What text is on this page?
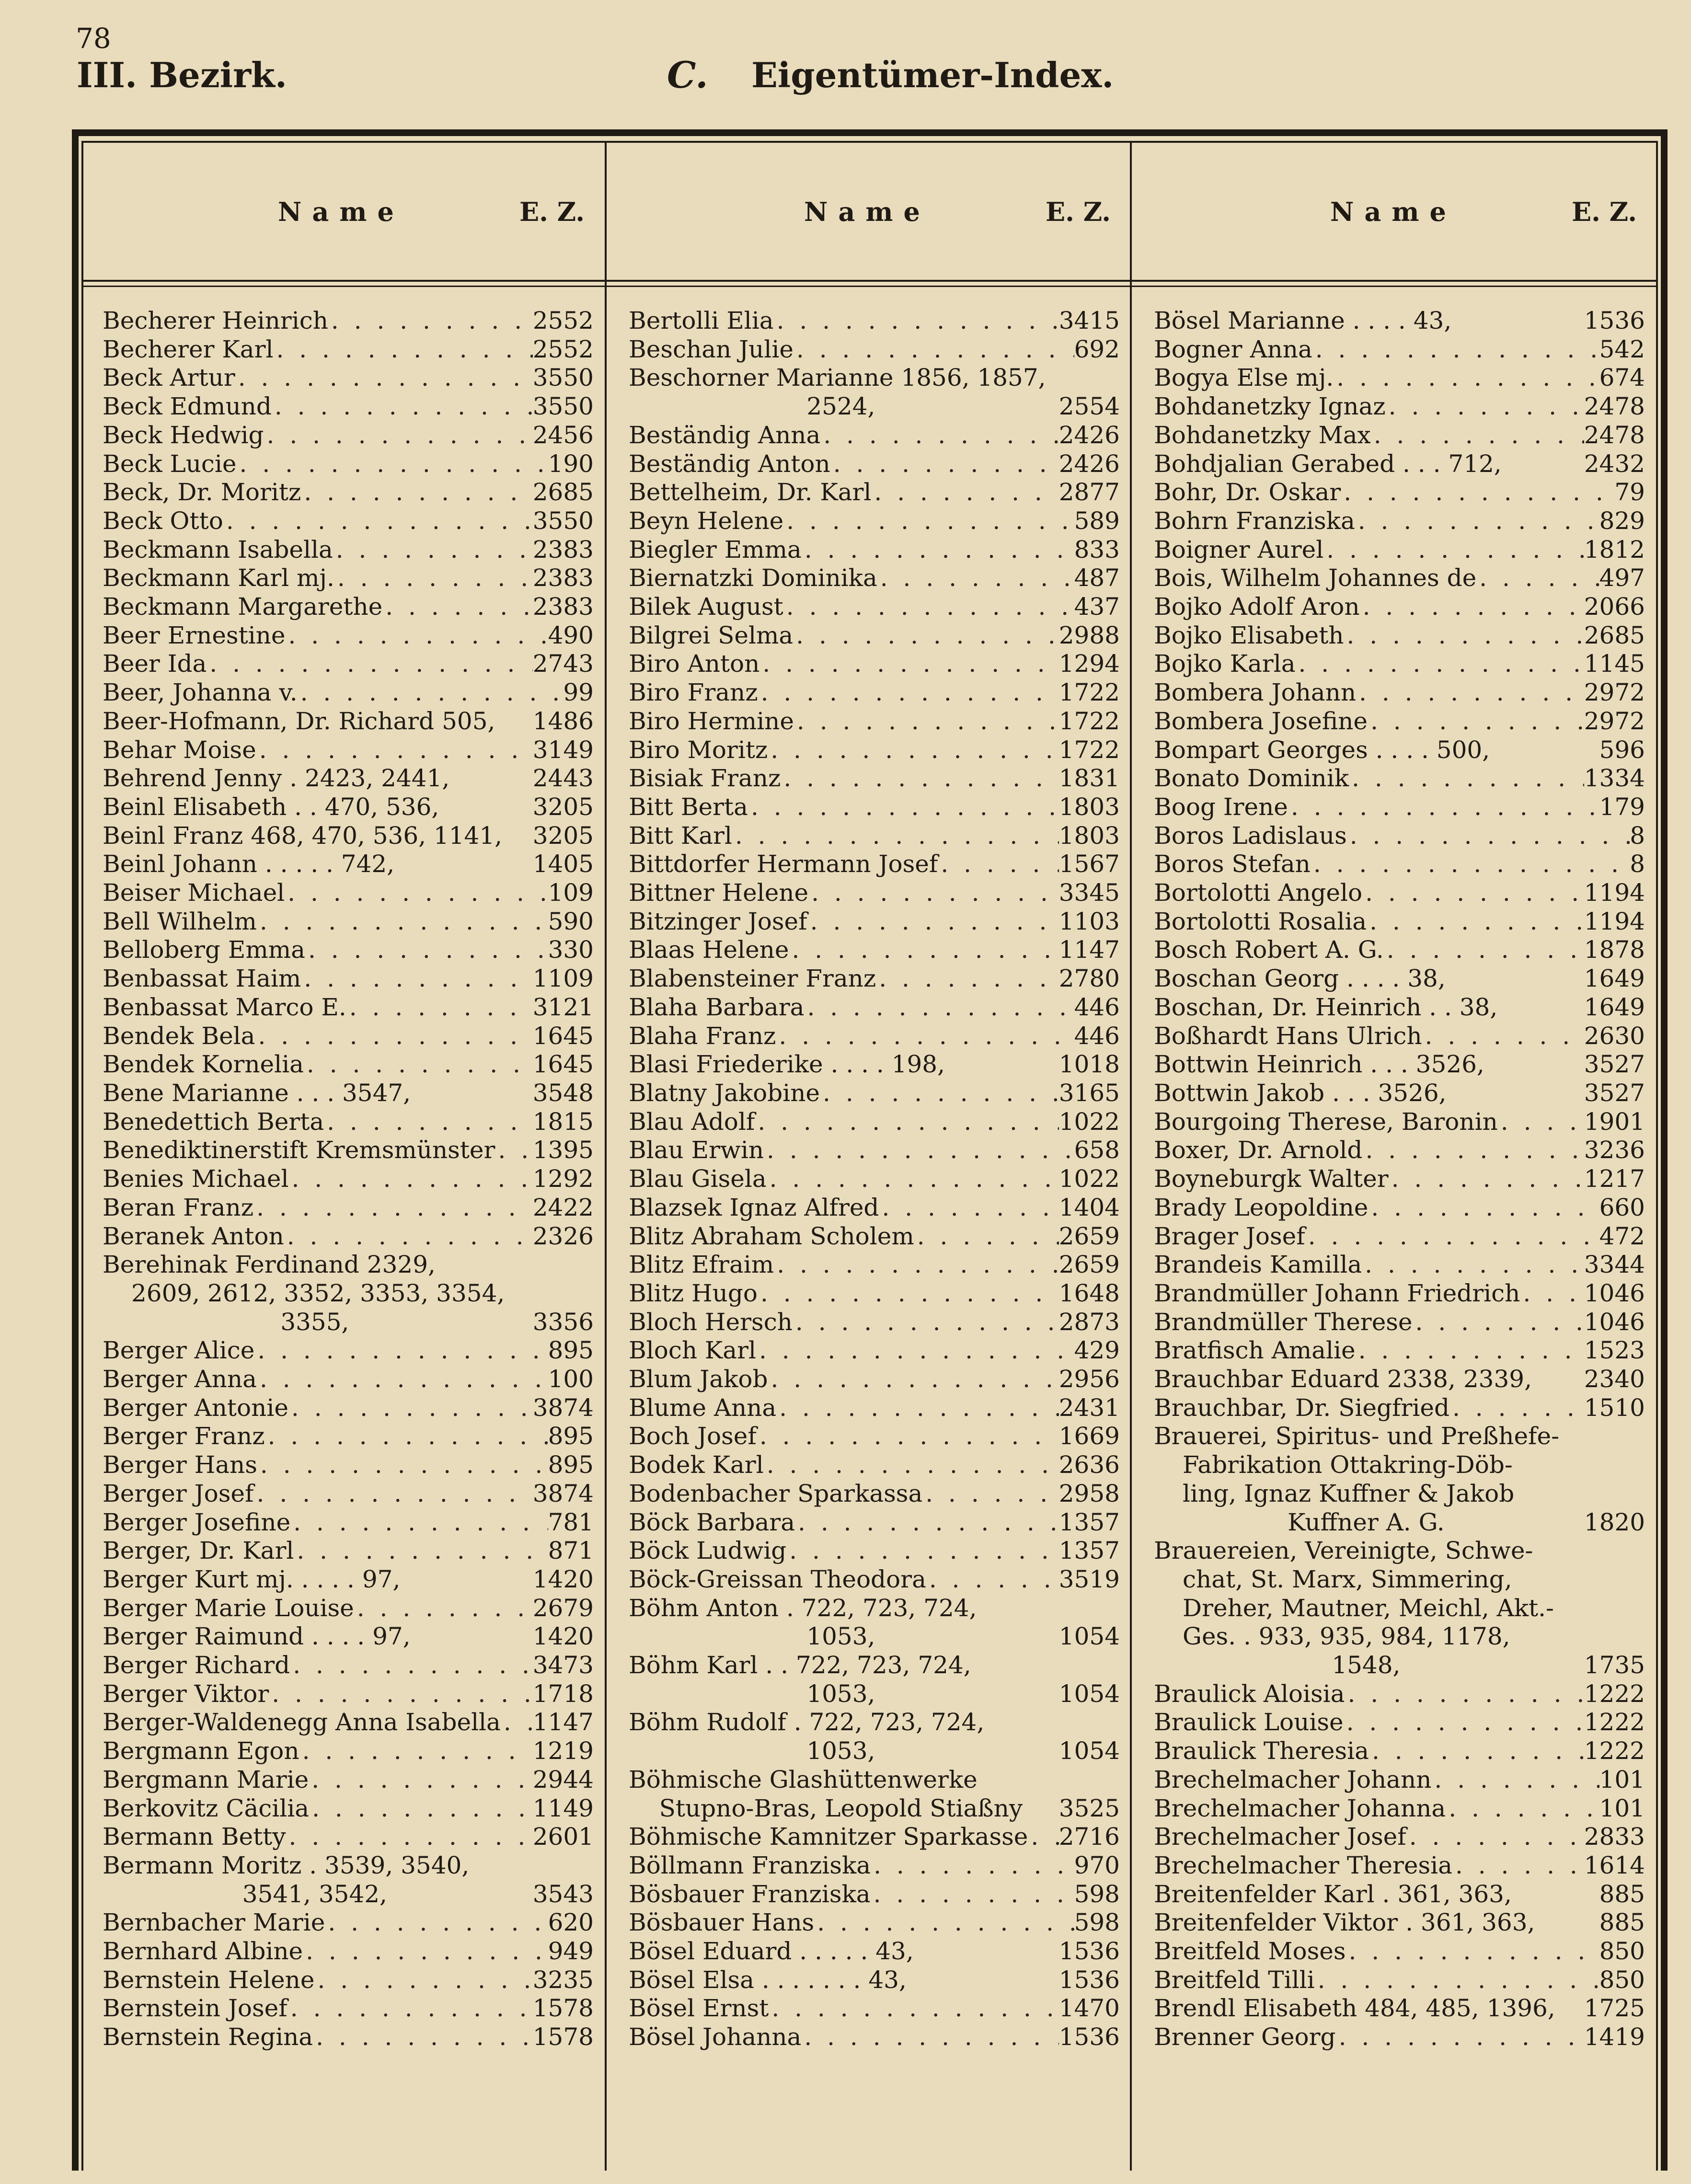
78
III. Bezirk.	C. Eigentümer-Index.
Name	E. Z.	Name	E. Z.	Name	E. Z.
Becherer Heinrich . . .	2552
Becherer Karl . . .	2552
Beck Artur . . .	3550
Beck Edmund . . .	3550
Beck Hedwig . . .	2456
Beck Lucie . . .	190
Beck, Dr. Moritz . . .	2685
Beck Otto . . .	3550
Beckmann Isabella . . .	2383
Beckmann Karl mj. . . .	2383
Beckmann Margarethe . . .	2383
Beer Ernestine . . .	490
Beer Ida . . .	2743
Beer, Johanna v. . . .	99
Beer-Hofmann, Dr. Richard 505,	1486
Behar Moise . . .	3149
Behrend Jenny . 2423, 2441,	2443
Beinl Elisabeth . . 470, 536,	3205
Beinl Franz 468, 470, 536, 1141,	3205
Beinl Johann . . . . . 742,	1405
Beiser Michael . . .	109
Bell Wilhelm . . .	590
Belloberg Emma . . .	330
Benbassat Haim . . .	1109
Benbassat Marco E. . . .	3121
Bendek Bela . . .	1645
Bendek Kornelia . . .	1645
Bene Marianne . . . 3547,	3548
Benedettich Berta . . .	1815
Benediktinerstift Kremsmünster . . . 1395
Benies Michael . . .	1292
Beran Franz . . .	2422
Beranek Anton . . .	2326
Berehinak Ferdinand 2329,
2609, 2612, 3352, 3353, 3354,
3355,	3356
Berger Alice . . .	895
Berger Anna . . .	100
Berger Antonie . . .	3874
Berger Franz . . .	895
Berger Hans . . .	895
Berger Josef . . .	3874
Berger Josefine . . .	781
Berger, Dr. Karl . . .	871
Berger Kurt mj. . . . . 97,	1420
Berger Marie Louise . . .	2679
Berger Raimund . . . . 97,	1420
Berger Richard . . .	3473
Berger Viktor . . .	1718
Berger-Waldenegg Anna Isabella . . . 1147
Bergmann Egon . . .	1219
Bergmann Marie . . .	2944
Berkovitz Cäcilia . . .	1149
Bermann Betty . . .	2601
Bermann Moritz . 3539, 3540,
3541, 3542,	3543
Bernbacher Marie . . .	620
Bernhard Albine . . .	949
Bernstein Helene . . .	3235
Bernstein Josef . . .	1578
Bernstein Regina . . .	1578
Bertolli Elia . . .	3415
Beschan Julie . . .	692
Beschorner Marianne 1856, 1857,
2524,	2554
Beständig Anna . . .	2426
Beständig Anton . . .	2426
Bettelheim, Dr. Karl . . .	2877
Beyn Helene . . .	589
Biegler Emma . . .	833
Biernatzki Dominika . . .	487
Bilek August . . .	437
Bilgrei Selma . . .	2988
Biro Anton . . .	1294
Biro Franz . . .	1722
Biro Hermine . . .	1722
Biro Moritz . . .	1722
Bisiak Franz . . .	1831
Bitt Berta . . .	1803
Bitt Karl . . .	1803
Bittdorfer Hermann Josef . . .	1567
Bittner Helene . . .	3345
Bitzinger Josef . . .	1103
Blaas Helene . . .	1147
Blabensteiner Franz . . .	2780
Blaha Barbara . . .	446
Blaha Franz . . .	446
Blasi Friederike . . . . 198,	1018
Blatny Jakobine . . .	3165
Blau Adolf . . .	1022
Blau Erwin . . .	658
Blau Gisela . . .	1022
Blazsek Ignaz Alfred . . .	1404
Blitz Abraham Scholem . . .	2659
Blitz Efraim . . .	2659
Blitz Hugo . . .	1648
Bloch Hersch . . .	2873
Bloch Karl . . .	429
Blum Jakob . . .	2956
Blume Anna . . .	2431
Boch Josef . . .	1669
Bodek Karl . . .	2636
Bodenbacher Sparkassa . . .	2958
Böck Barbara . . .	1357
Böck Ludwig . . .	1357
Böck-Greissan Theodora . . .	3519
Böhm Anton . 722, 723, 724,
1053,	1054
Böhm Karl . . 722, 723, 724,
1053,	1054
Böhm Rudolf . 722, 723, 724,
1053,	1054
Böhmische Glashüttenwerke
Stupno-Bras, Leopold Stiaßny 3525
Böhmische Kamnitzer Sparkasse . . . 2716
Böllmann Franziska . . .	970
Bösbauer Franziska . . .	598
Bösbauer Hans . . .	598
Bösel Eduard . . . . . 43,	1536
Bösel Elsa . . . . . . . 43,	1536
Bösel Ernst . . .	1470
Bösel Johanna . . .	1536
Bösel Marianne . . . . 43,	1536
Bogner Anna . . .	542
Bogya Else mj. . . .	674
Bohdanetzky Ignaz . . .	2478
Bohdanetzky Max . . .	2478
Bohdjalian Gerabed . . . 712,	2432
Bohr, Dr. Oskar . . .	79
Bohrn Franziska . . .	829
Boigner Aurel . . .	1812
Bois, Wilhelm Johannes de . . .	497
Bojko Adolf Aron . . .	2066
Bojko Elisabeth . . .	2685
Bojko Karla . . .	1145
Bombera Johann . . .	2972
Bombera Josefine . . .	2972
Bompart Georges . . . . 500,	596
Bonato Dominik . . .	1334
Boog Irene . . .	179
Boros Ladislaus . . .	8
Boros Stefan . . .	8
Bortolotti Angelo . . .	1194
Bortolotti Rosalia . . .	1194
Bosch Robert A. G. . . .	1878
Boschan Georg . . . . 38,	1649
Boschan, Dr. Heinrich . . 38,	1649
Boßhardt Hans Ulrich . . .	2630
Bottwin Heinrich . . . 3526,	3527
Bottwin Jakob . . . 3526,	3527
Bourgoing Therese, Baronin . . .	1901
Boxer, Dr. Arnold . . .	3236
Boyneburgk Walter . . .	1217
Brady Leopoldine . . .	660
Brager Josef . . .	472
Brandeis Kamilla . . .	3344
Brandmüller Johann Friedrich . . .	1046
Brandmüller Therese . . .	1046
Bratfisch Amalie . . .	1523
Brauchbar Eduard 2338, 2339,	2340
Brauchbar, Dr. Siegfried . . .	1510
Brauerei, Spiritus- und Preßhefe-
Fabrikation Ottakring-Döb-
ling, Ignaz Kuffner & Jakob
Kuffner A. G.	1820
Brauereien, Vereinigte, Schwe-
chat, St. Marx, Simmering,
Dreher, Mautner, Meichl, Akt.-
Ges. . 933, 935, 984, 1178,
1548,	1735
Braulick Aloisia . . .	1222
Braulick Louise . . .	1222
Braulick Theresia . . .	1222
Brechelmacher Johann . . .	101
Brechelmacher Johanna . . .	101
Brechelmacher Josef . . .	2833
Brechelmacher Theresia . . .	1614
Breitenfelder Karl . 361, 363,	885
Breitenfelder Viktor . 361, 363,	885
Breitfeld Moses . . .	850
Breitfeld Tilli . . .	850
Brendl Elisabeth 484, 485, 1396,	1725
Brenner Georg . . .	1419
